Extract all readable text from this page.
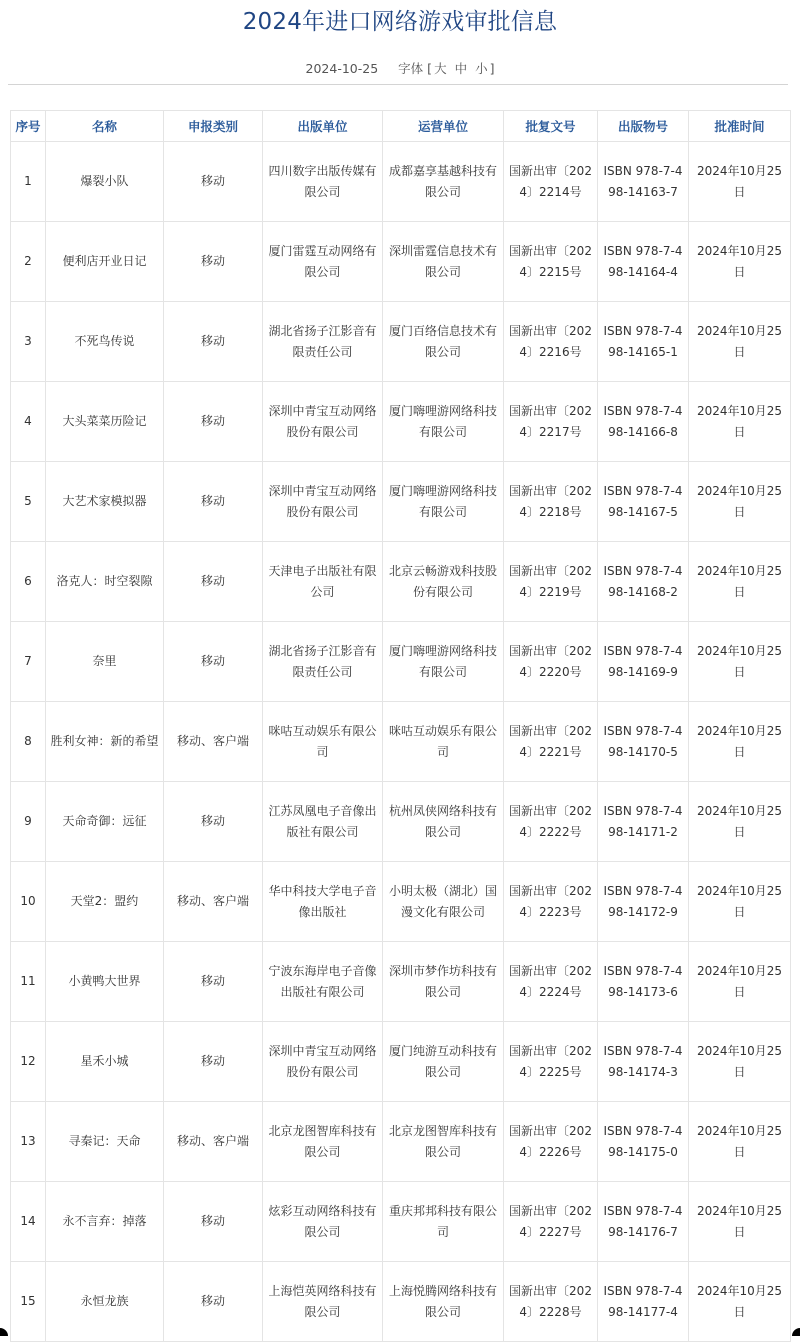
2024年进口网络游戏审批信息
2024-10-25 字体 [ 大 中 小 ]
序号	名称	申报类别	出版单位	运营单位	批复文号	出版物号	批准时间
1	爆裂小队	移动	四川数字出版传媒有限公司	成都嘉享基越科技有限公司	国新出审〔2024〕2214号	ISBN 978-7-498-14163-7	2024年10月25日
2	便利店开业日记	移动	厦门雷霆互动网络有限公司	深圳雷霆信息技术有限公司	国新出审〔2024〕2215号	ISBN 978-7-498-14164-4	2024年10月25日
3	不死鸟传说	移动	湖北省扬子江影音有限责任公司	厦门百络信息技术有限公司	国新出审〔2024〕2216号	ISBN 978-7-498-14165-1	2024年10月25日
4	大头菜菜历险记	移动	深圳中青宝互动网络股份有限公司	厦门嗨哩游网络科技有限公司	国新出审〔2024〕2217号	ISBN 978-7-498-14166-8	2024年10月25日
5	大艺术家模拟器	移动	深圳中青宝互动网络股份有限公司	厦门嗨哩游网络科技有限公司	国新出审〔2024〕2218号	ISBN 978-7-498-14167-5	2024年10月25日
6	洛克人：时空裂隙	移动	天津电子出版社有限公司	北京云畅游戏科技股份有限公司	国新出审〔2024〕2219号	ISBN 978-7-498-14168-2	2024年10月25日
7	奈里	移动	湖北省扬子江影音有限责任公司	厦门嗨哩游网络科技有限公司	国新出审〔2024〕2220号	ISBN 978-7-498-14169-9	2024年10月25日
8	胜利女神：新的希望	移动、客户端	咪咕互动娱乐有限公司	咪咕互动娱乐有限公司	国新出审〔2024〕2221号	ISBN 978-7-498-14170-5	2024年10月25日
9	天命奇御：远征	移动	江苏凤凰电子音像出版社有限公司	杭州凤侠网络科技有限公司	国新出审〔2024〕2222号	ISBN 978-7-498-14171-2	2024年10月25日
10	天堂2：盟约	移动、客户端	华中科技大学电子音像出版社	小明太极（湖北）国漫文化有限公司	国新出审〔2024〕2223号	ISBN 978-7-498-14172-9	2024年10月25日
11	小黄鸭大世界	移动	宁波东海岸电子音像出版社有限公司	深圳市梦作坊科技有限公司	国新出审〔2024〕2224号	ISBN 978-7-498-14173-6	2024年10月25日
12	星禾小城	移动	深圳中青宝互动网络股份有限公司	厦门纯游互动科技有限公司	国新出审〔2024〕2225号	ISBN 978-7-498-14174-3	2024年10月25日
13	寻秦记：天命	移动、客户端	北京龙图智库科技有限公司	北京龙图智库科技有限公司	国新出审〔2024〕2226号	ISBN 978-7-498-14175-0	2024年10月25日
14	永不言弃：掉落	移动	炫彩互动网络科技有限公司	重庆邦邦科技有限公司	国新出审〔2024〕2227号	ISBN 978-7-498-14176-7	2024年10月25日
15	永恒龙族	移动	上海恺英网络科技有限公司	上海悦腾网络科技有限公司	国新出审〔2024〕2228号	ISBN 978-7-498-14177-4	2024年10月25日
